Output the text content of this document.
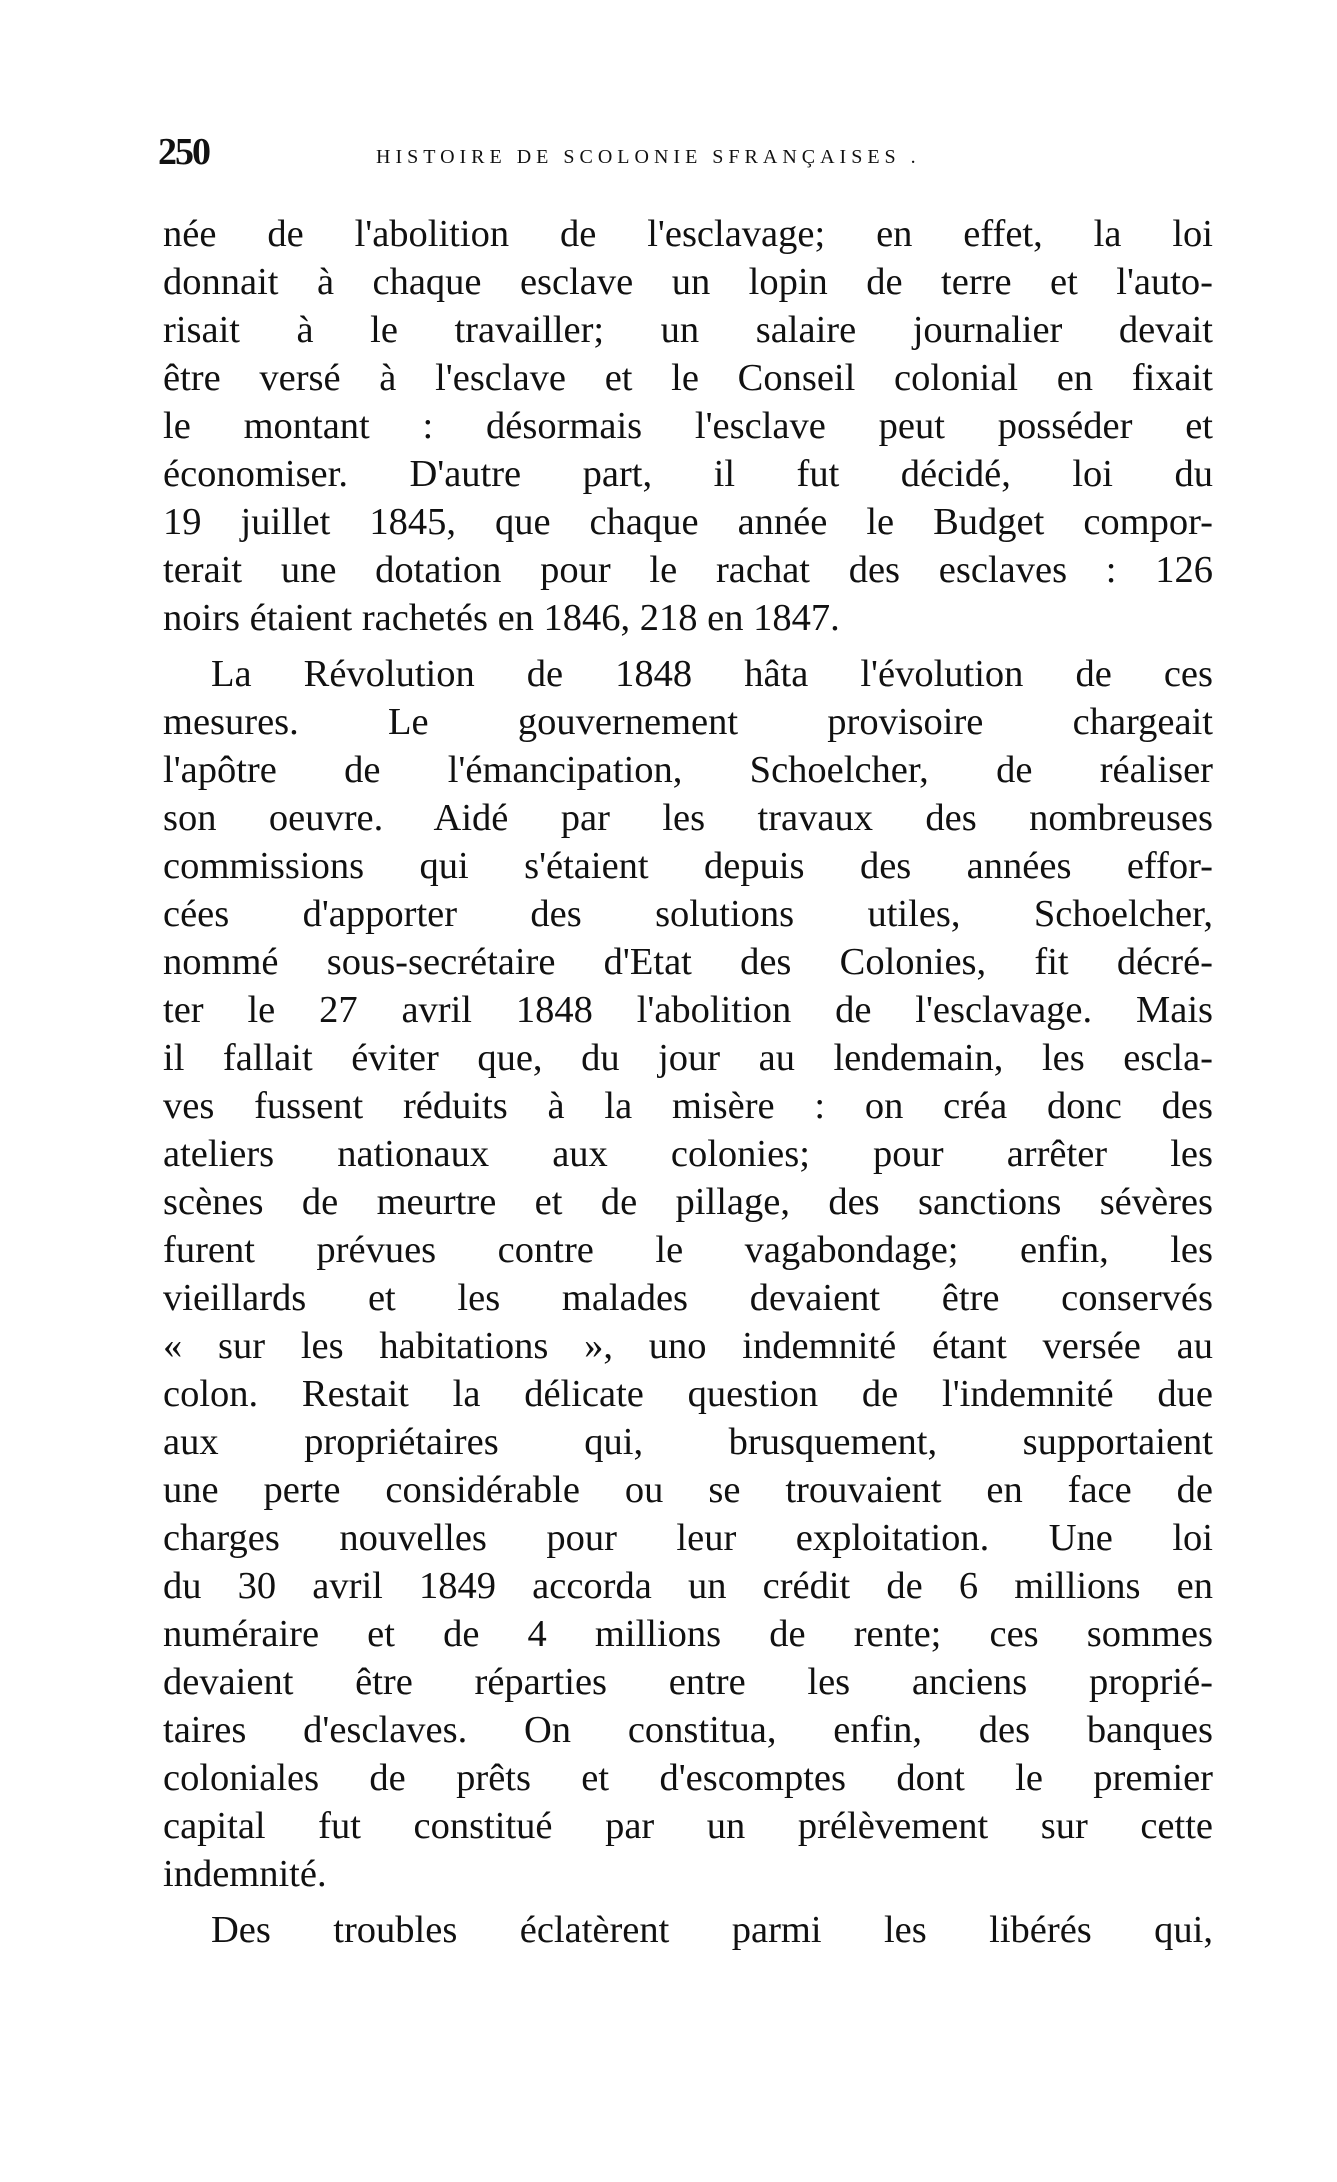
250	HISTOIRE DE SCOLONIE SFRANÇAISES .
née de l'abolition de l'esclavage; en effet, la loi
donnait à chaque esclave un lopin de terre et l'auto-
risait à le travailler; un salaire journalier devait
être versé à l'esclave et le Conseil colonial en fixait
le montant : désormais l'esclave peut posséder et
économiser. D'autre part, il fut décidé, loi du
19 juillet 1845, que chaque année le Budget compor-
terait une dotation pour le rachat des esclaves : 126
noirs étaient rachetés en 1846, 218 en 1847.
La Révolution de 1848 hâta l'évolution de ces
mesures. Le gouvernement provisoire chargeait
l'apôtre de l'émancipation, Schoelcher, de réaliser
son oeuvre. Aidé par les travaux des nombreuses
commissions qui s'étaient depuis des années effor-
cées d'apporter des solutions utiles, Schoelcher,
nommé sous-secrétaire d'Etat des Colonies, fit décré-
ter le 27 avril 1848 l'abolition de l'esclavage. Mais
il fallait éviter que, du jour au lendemain, les escla-
ves fussent réduits à la misère : on créa donc des
ateliers nationaux aux colonies; pour arrêter les
scènes de meurtre et de pillage, des sanctions sévères
furent prévues contre le vagabondage; enfin, les
vieillards et les malades devaient être conservés
« sur les habitations », uno indemnité étant versée au
colon. Restait la délicate question de l'indemnité due
aux propriétaires qui, brusquement, supportaient
une perte considérable ou se trouvaient en face de
charges nouvelles pour leur exploitation. Une loi
du 30 avril 1849 accorda un crédit de 6 millions en
numéraire et de 4 millions de rente; ces sommes
devaient être réparties entre les anciens proprié-
taires d'esclaves. On constitua, enfin, des banques
coloniales de prêts et d'escomptes dont le premier
capital fut constitué par un prélèvement sur cette
indemnité.
Des troubles éclatèrent parmi les libérés qui,
